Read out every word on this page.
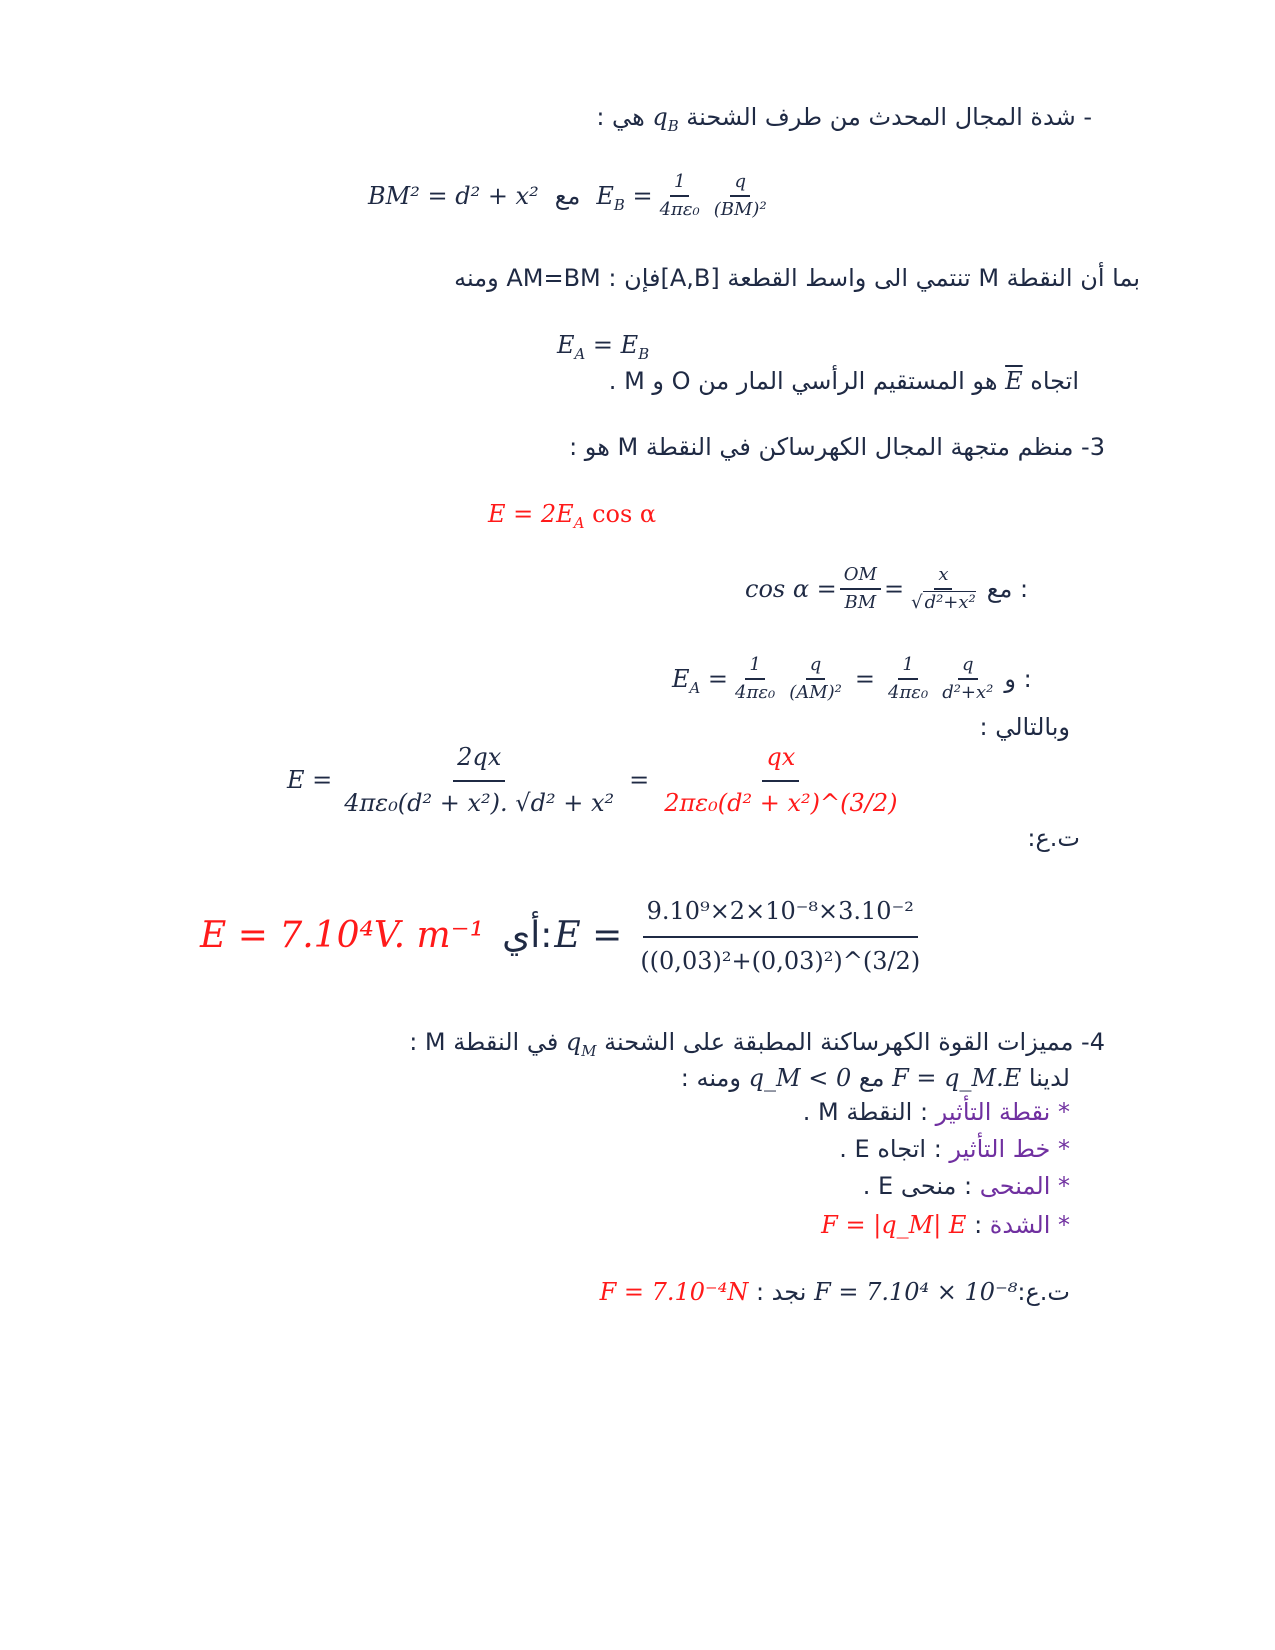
- شدة المجال المحدث من طرف الشحنة $q_B$ هي :
BM² = d² + x² مع $E_B = \frac{1}{\text{4πε₀}} \frac{q}{\text{(BM)²}}$
بما أن النقطة M تنتمي الى واسط القطعة [A,B]فإن : AM=BM ومنه
$E_A = E_B$
اتجاه E هو المستقيم الرأسي المار من O و M .
3- منظم متجهة المجال الكهرساكن في النقطة M هو :
$E = 2E_A$ cos α
$\cos \alpha = \frac{OM}{BM} = \frac{x}{\text{√ d²+x²}}$ مع :
$E_A = \frac{1}{\text{4πε₀}} \frac{q}{\text{(AM)²}} = \frac{1}{\text{4πε₀}} \frac{q}{\text{d²+x²}}$ و :
وبالتالي :
$E = \frac{2qx}{\text{4πε₀(d² + x²). √d² + x²}} = \frac{qx}{\text{2πε₀(d² + x²)\textasciicircum{}(3/2)}}$
ت.ع:
E = 7.10⁴V. m⁻¹ أي: $E = \frac{\text{9.10⁹×2×10⁻⁸×3.10⁻²}}{\text{((0,03)²+(0,03)²)\textasciicircum{}(3/2)}}$
4- مميزات القوة الكهرساكنة المطبقة على الشحنة $q_M$ في النقطة M :
لدينا F = q_M.E مع q_M < 0 ومنه :
* نقطة التأثير : النقطة M .
* خط التأثير : اتجاه E .
* المنحى : منحى E .
* الشدة : F = |q_M| E
ت.ع:F = 7.10⁴ × 10⁻⁸ نجد : F = 7.10⁻⁴N
